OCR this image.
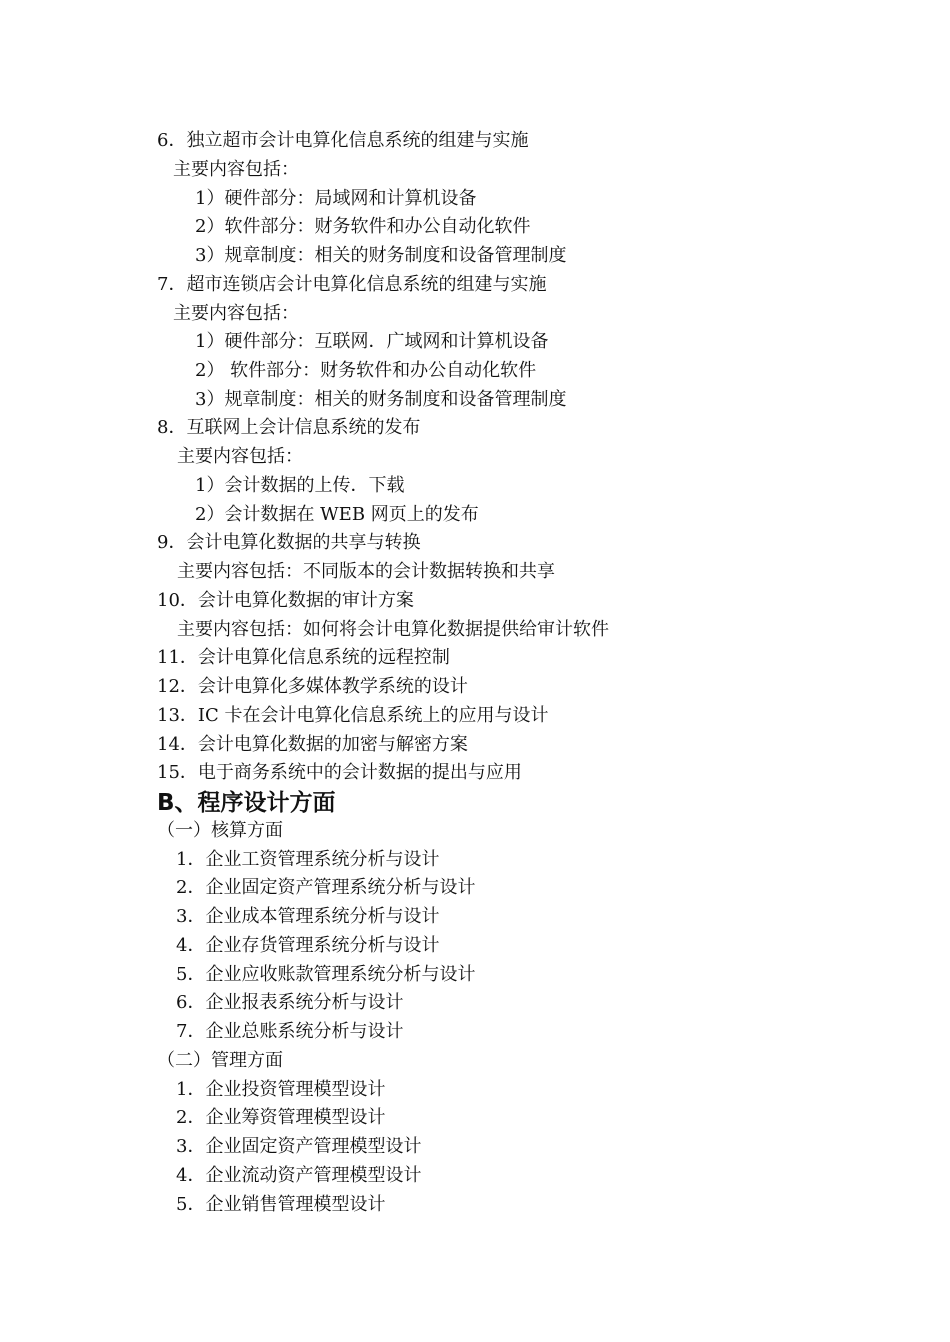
6．独立超市会计电算化信息系统的组建与实施
主要内容包括：
1）硬件部分：局域网和计算机设备
2）软件部分：财务软件和办公自动化软件
3）规章制度：相关的财务制度和设备管理制度
7．超市连锁店会计电算化信息系统的组建与实施
主要内容包括：
1）硬件部分：互联网．广域网和计算机设备
2） 软件部分：财务软件和办公自动化软件
3）规章制度：相关的财务制度和设备管理制度
8．互联网上会计信息系统的发布
主要内容包括：
1）会计数据的上传．下载
2）会计数据在 WEB 网页上的发布
9．会计电算化数据的共享与转换
主要内容包括：不同版本的会计数据转换和共享
10．会计电算化数据的审计方案
主要内容包括：如何将会计电算化数据提供给审计软件
11．会计电算化信息系统的远程控制
12．会计电算化多媒体教学系统的设计
13．IC 卡在会计电算化信息系统上的应用与设计
14．会计电算化数据的加密与解密方案
15．电于商务系统中的会计数据的提出与应用
B、程序设计方面
（一）核算方面
1．企业工资管理系统分析与设计
2．企业固定资产管理系统分析与设计
3．企业成本管理系统分析与设计
4．企业存货管理系统分析与设计
5．企业应收账款管理系统分析与设计
6．企业报表系统分析与设计
7．企业总账系统分析与设计
（二）管理方面
1．企业投资管理模型设计
2．企业筹资管理模型设计
3．企业固定资产管理模型设计
4．企业流动资产管理模型设计
5．企业销售管理模型设计
